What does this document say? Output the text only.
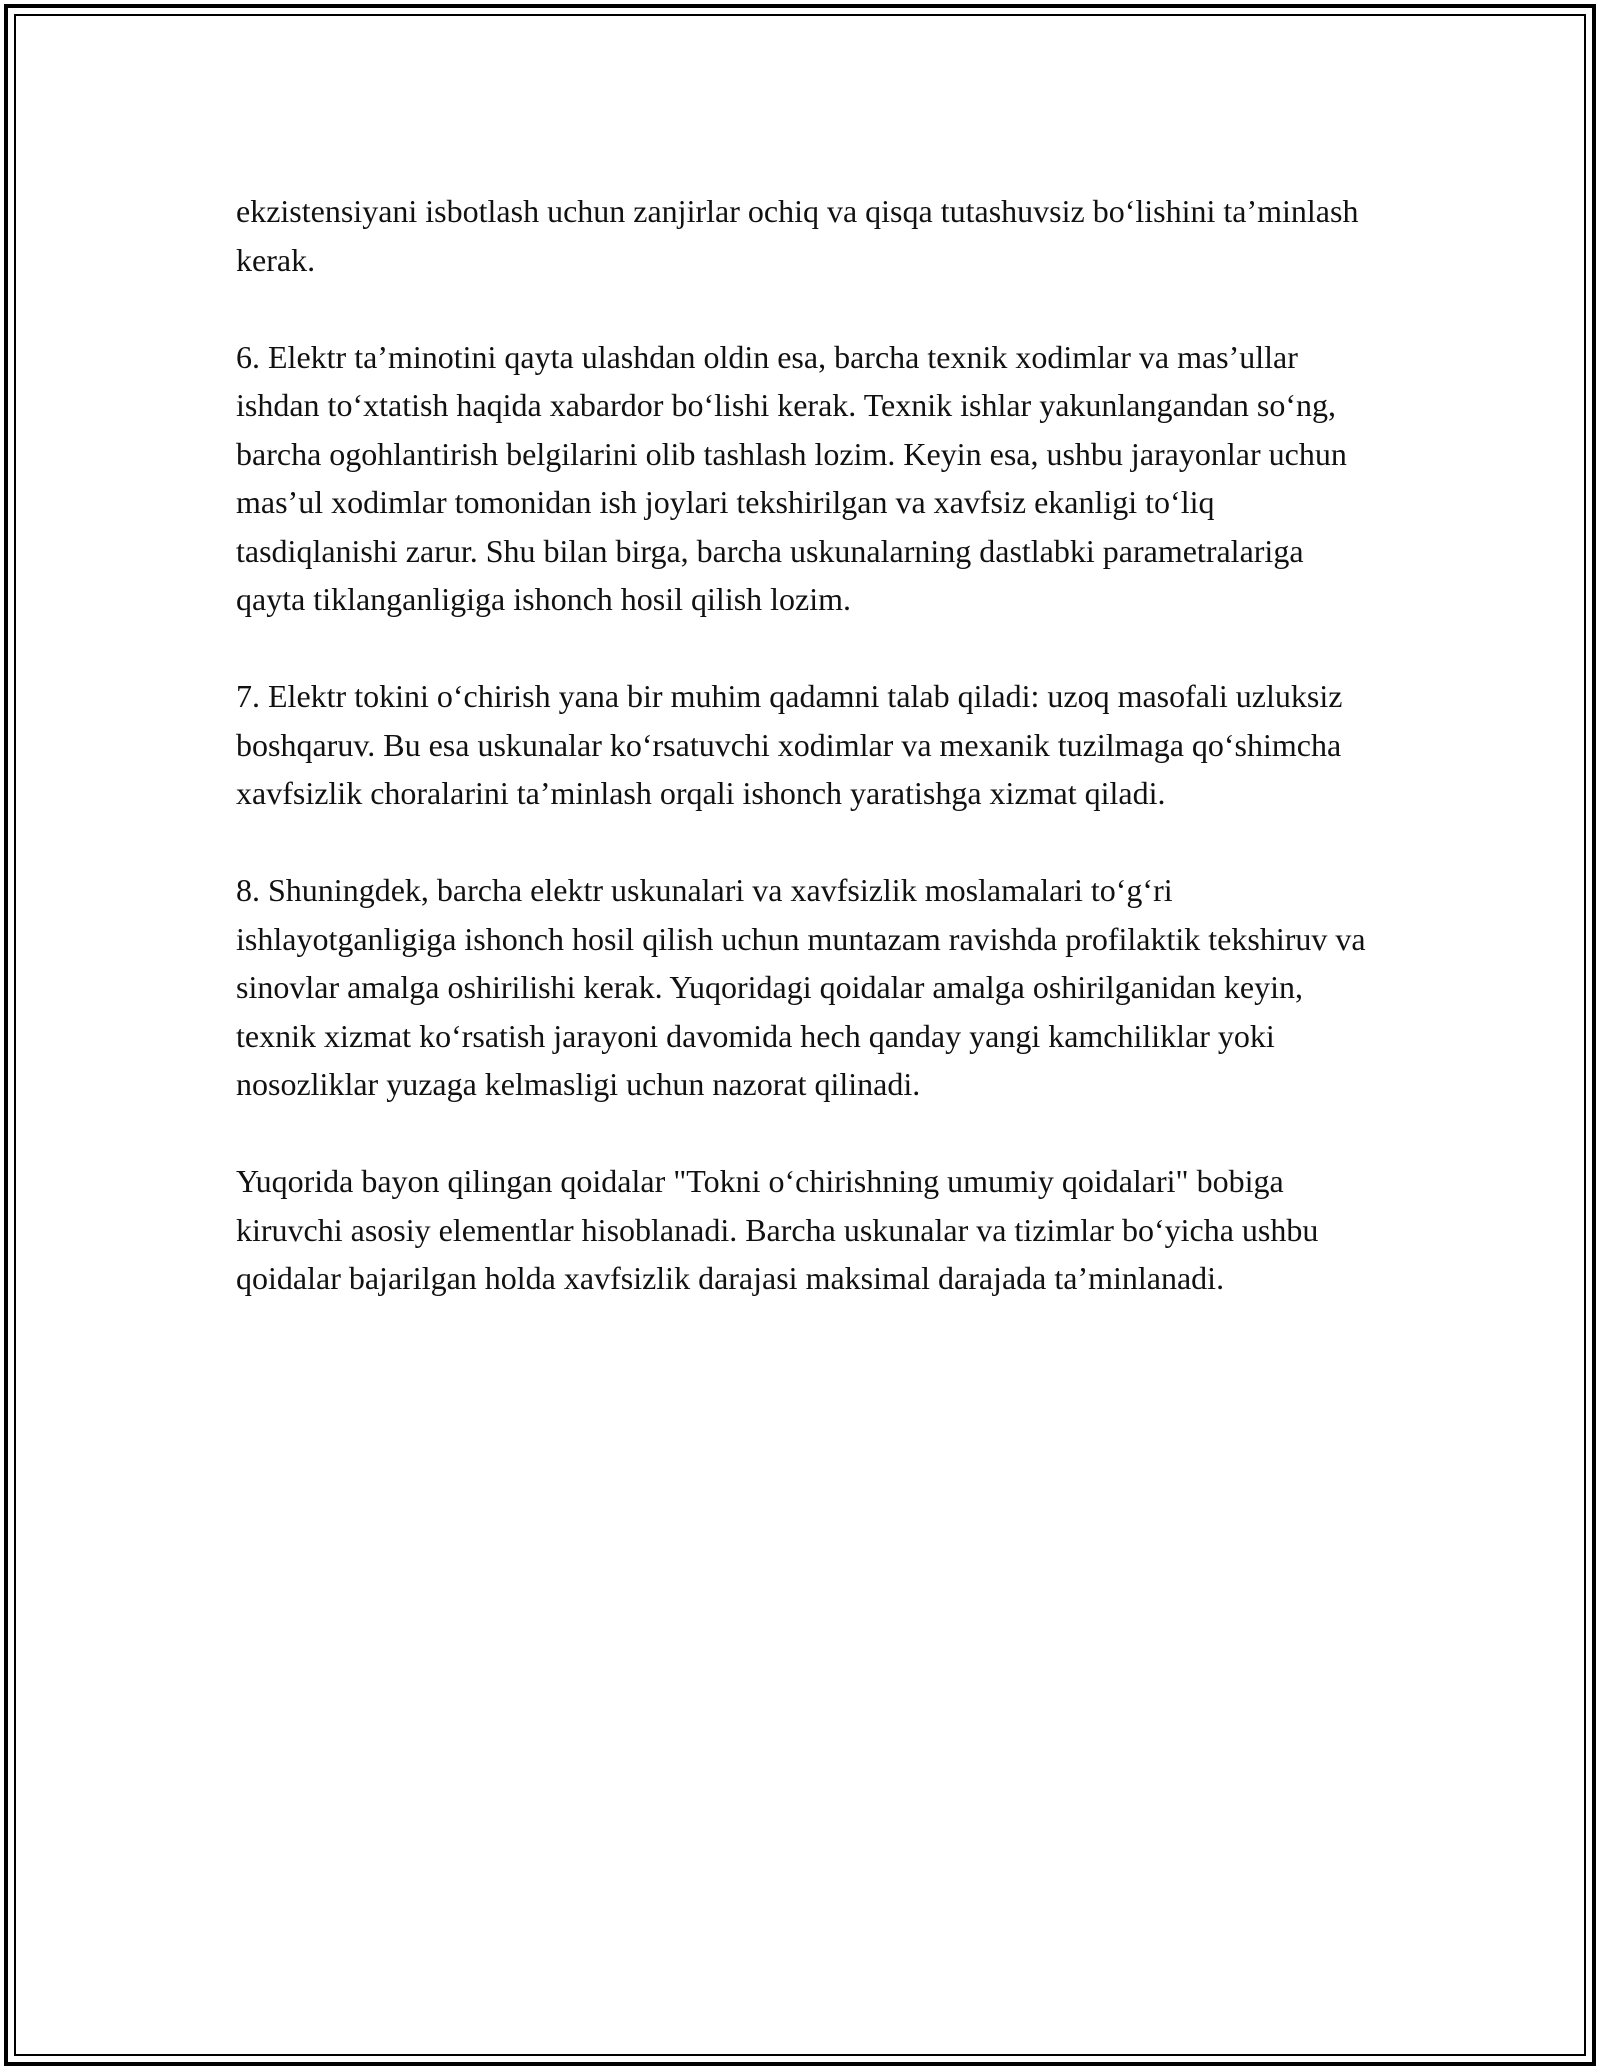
ekzistensiyani isbotlash uchun zanjirlar ochiq va qisqa tutashuvsiz bo‘lishini ta’minlash kerak.

6. Elektr ta’minotini qayta ulashdan oldin esa, barcha texnik xodimlar va mas’ullar ishdan to‘xtatish haqida xabardor bo‘lishi kerak. Texnik ishlar yakunlangandan so‘ng, barcha ogohlantirish belgilarini olib tashlash lozim. Keyin esa, ushbu jarayonlar uchun mas’ul xodimlar tomonidan ish joylari tekshirilgan va xavfsiz ekanligi to‘liq tasdiqlanishi zarur. Shu bilan birga, barcha uskunalarning dastlabki parametralariga qayta tiklanganligiga ishonch hosil qilish lozim.

7. Elektr tokini o‘chirish yana bir muhim qadamni talab qiladi: uzoq masofali uzluksiz boshqaruv. Bu esa uskunalar ko‘rsatuvchi xodimlar va mexanik tuzilmaga qo‘shimcha xavfsizlik choralarini ta’minlash orqali ishonch yaratishga xizmat qiladi.

8. Shuningdek, barcha elektr uskunalari va xavfsizlik moslamalari to‘g‘ri ishlayotganligiga ishonch hosil qilish uchun muntazam ravishda profilaktik tekshiruv va sinovlar amalga oshirilishi kerak. Yuqoridagi qoidalar amalga oshirilganidan keyin, texnik xizmat ko‘rsatish jarayoni davomida hech qanday yangi kamchiliklar yoki nosozliklar yuzaga kelmasligi uchun nazorat qilinadi.

Yuqorida bayon qilingan qoidalar "Tokni o‘chirishning umumiy qoidalari" bobiga kiruvchi asosiy elementlar hisoblanadi. Barcha uskunalar va tizimlar bo‘yicha ushbu qoidalar bajarilgan holda xavfsizlik darajasi maksimal darajada ta’minlanadi.
